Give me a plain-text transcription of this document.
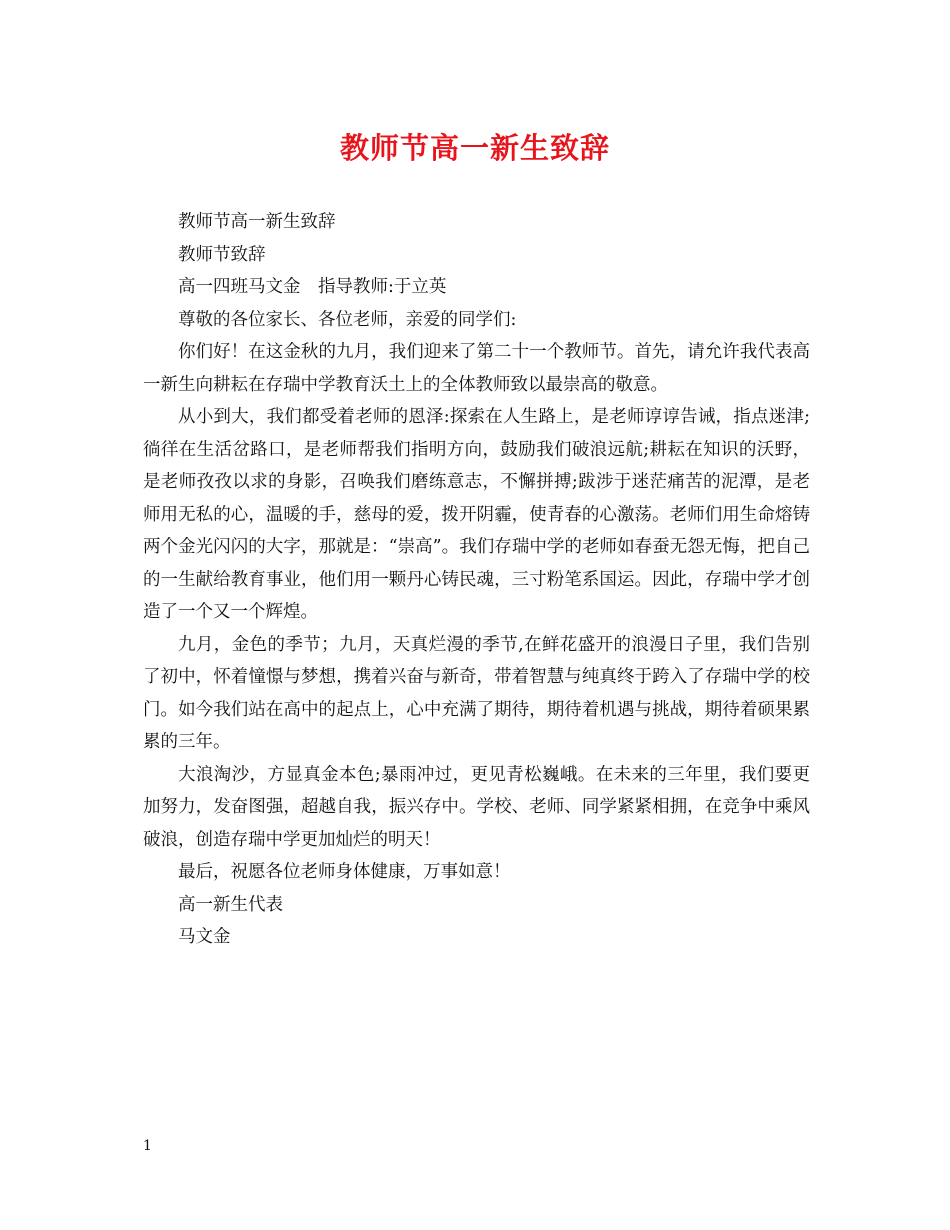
教师节高一新生致辞

教师节高一新生致辞

教师节致辞

高一四班马文金　指导教师:于立英

尊敬的各位家长、各位老师，亲爱的同学们:

你们好！在这金秋的九月，我们迎来了第二十一个教师节。首先，请允许我代表高一新生向耕耘在存瑞中学教育沃土上的全体教师致以最崇高的敬意。

从小到大，我们都受着老师的恩泽:探索在人生路上，是老师谆谆告诫，指点迷津;徜徉在生活岔路口，是老师帮我们指明方向，鼓励我们破浪远航;耕耘在知识的沃野，是老师孜孜以求的身影，召唤我们磨练意志，不懈拼搏;跋涉于迷茫痛苦的泥潭，是老师用无私的心，温暖的手，慈母的爱，拨开阴霾，使青春的心激荡。老师们用生命熔铸两个金光闪闪的大字，那就是：“崇高”。我们存瑞中学的老师如春蚕无怨无悔，把自己的一生献给教育事业，他们用一颗丹心铸民魂，三寸粉笔系国运。因此，存瑞中学才创造了一个又一个辉煌。

九月，金色的季节；九月，天真烂漫的季节,在鲜花盛开的浪漫日子里，我们告别了初中，怀着憧憬与梦想，携着兴奋与新奇，带着智慧与纯真终于跨入了存瑞中学的校门。如今我们站在高中的起点上，心中充满了期待，期待着机遇与挑战，期待着硕果累累的三年。

大浪淘沙，方显真金本色;暴雨冲过，更见青松巍峨。在未来的三年里，我们要更加努力，发奋图强，超越自我，振兴存中。学校、老师、同学紧紧相拥，在竞争中乘风破浪，创造存瑞中学更加灿烂的明天！

最后，祝愿各位老师身体健康，万事如意！

高一新生代表

马文金

1
